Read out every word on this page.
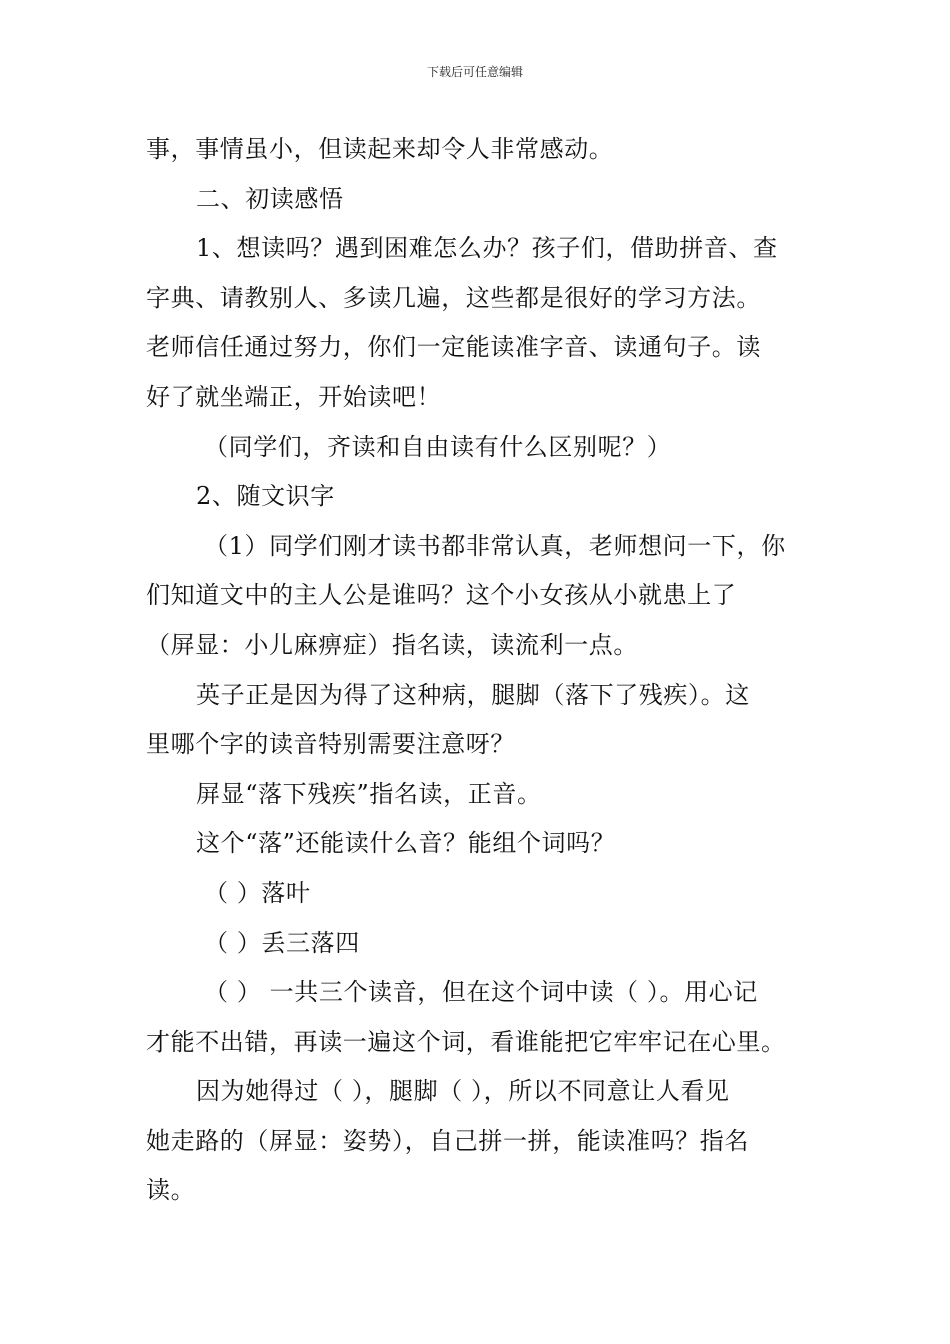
下载后可任意编辑
事，事情虽小，但读起来却令人非常感动。
二、初读感悟
1、想读吗？遇到困难怎么办？孩子们，借助拼音、查
字典、请教别人、多读几遍，这些都是很好的学习方法。
老师信任通过努力，你们一定能读准字音、读通句子。读
好了就坐端正，开始读吧！
（同学们，齐读和自由读有什么区别呢？）
2、随文识字
（1）同学们刚才读书都非常认真，老师想问一下，你
们知道文中的主人公是谁吗？这个小女孩从小就患上了
（屏显：小儿麻痹症）指名读，读流利一点。
英子正是因为得了这种病，腿脚（落下了残疾）。这
里哪个字的读音特别需要注意呀？
屏显“落下残疾”指名读，正音。
这个“落”还能读什么音？能组个词吗？
（ ）落叶
（ ）丢三落四
（ ） 一共三个读音，但在这个词中读（ ）。用心记
才能不出错，再读一遍这个词，看谁能把它牢牢记在心里。
因为她得过（ ），腿脚（ ），所以不同意让人看见
她走路的（屏显：姿势），自己拼一拼，能读准吗？指名
读。
